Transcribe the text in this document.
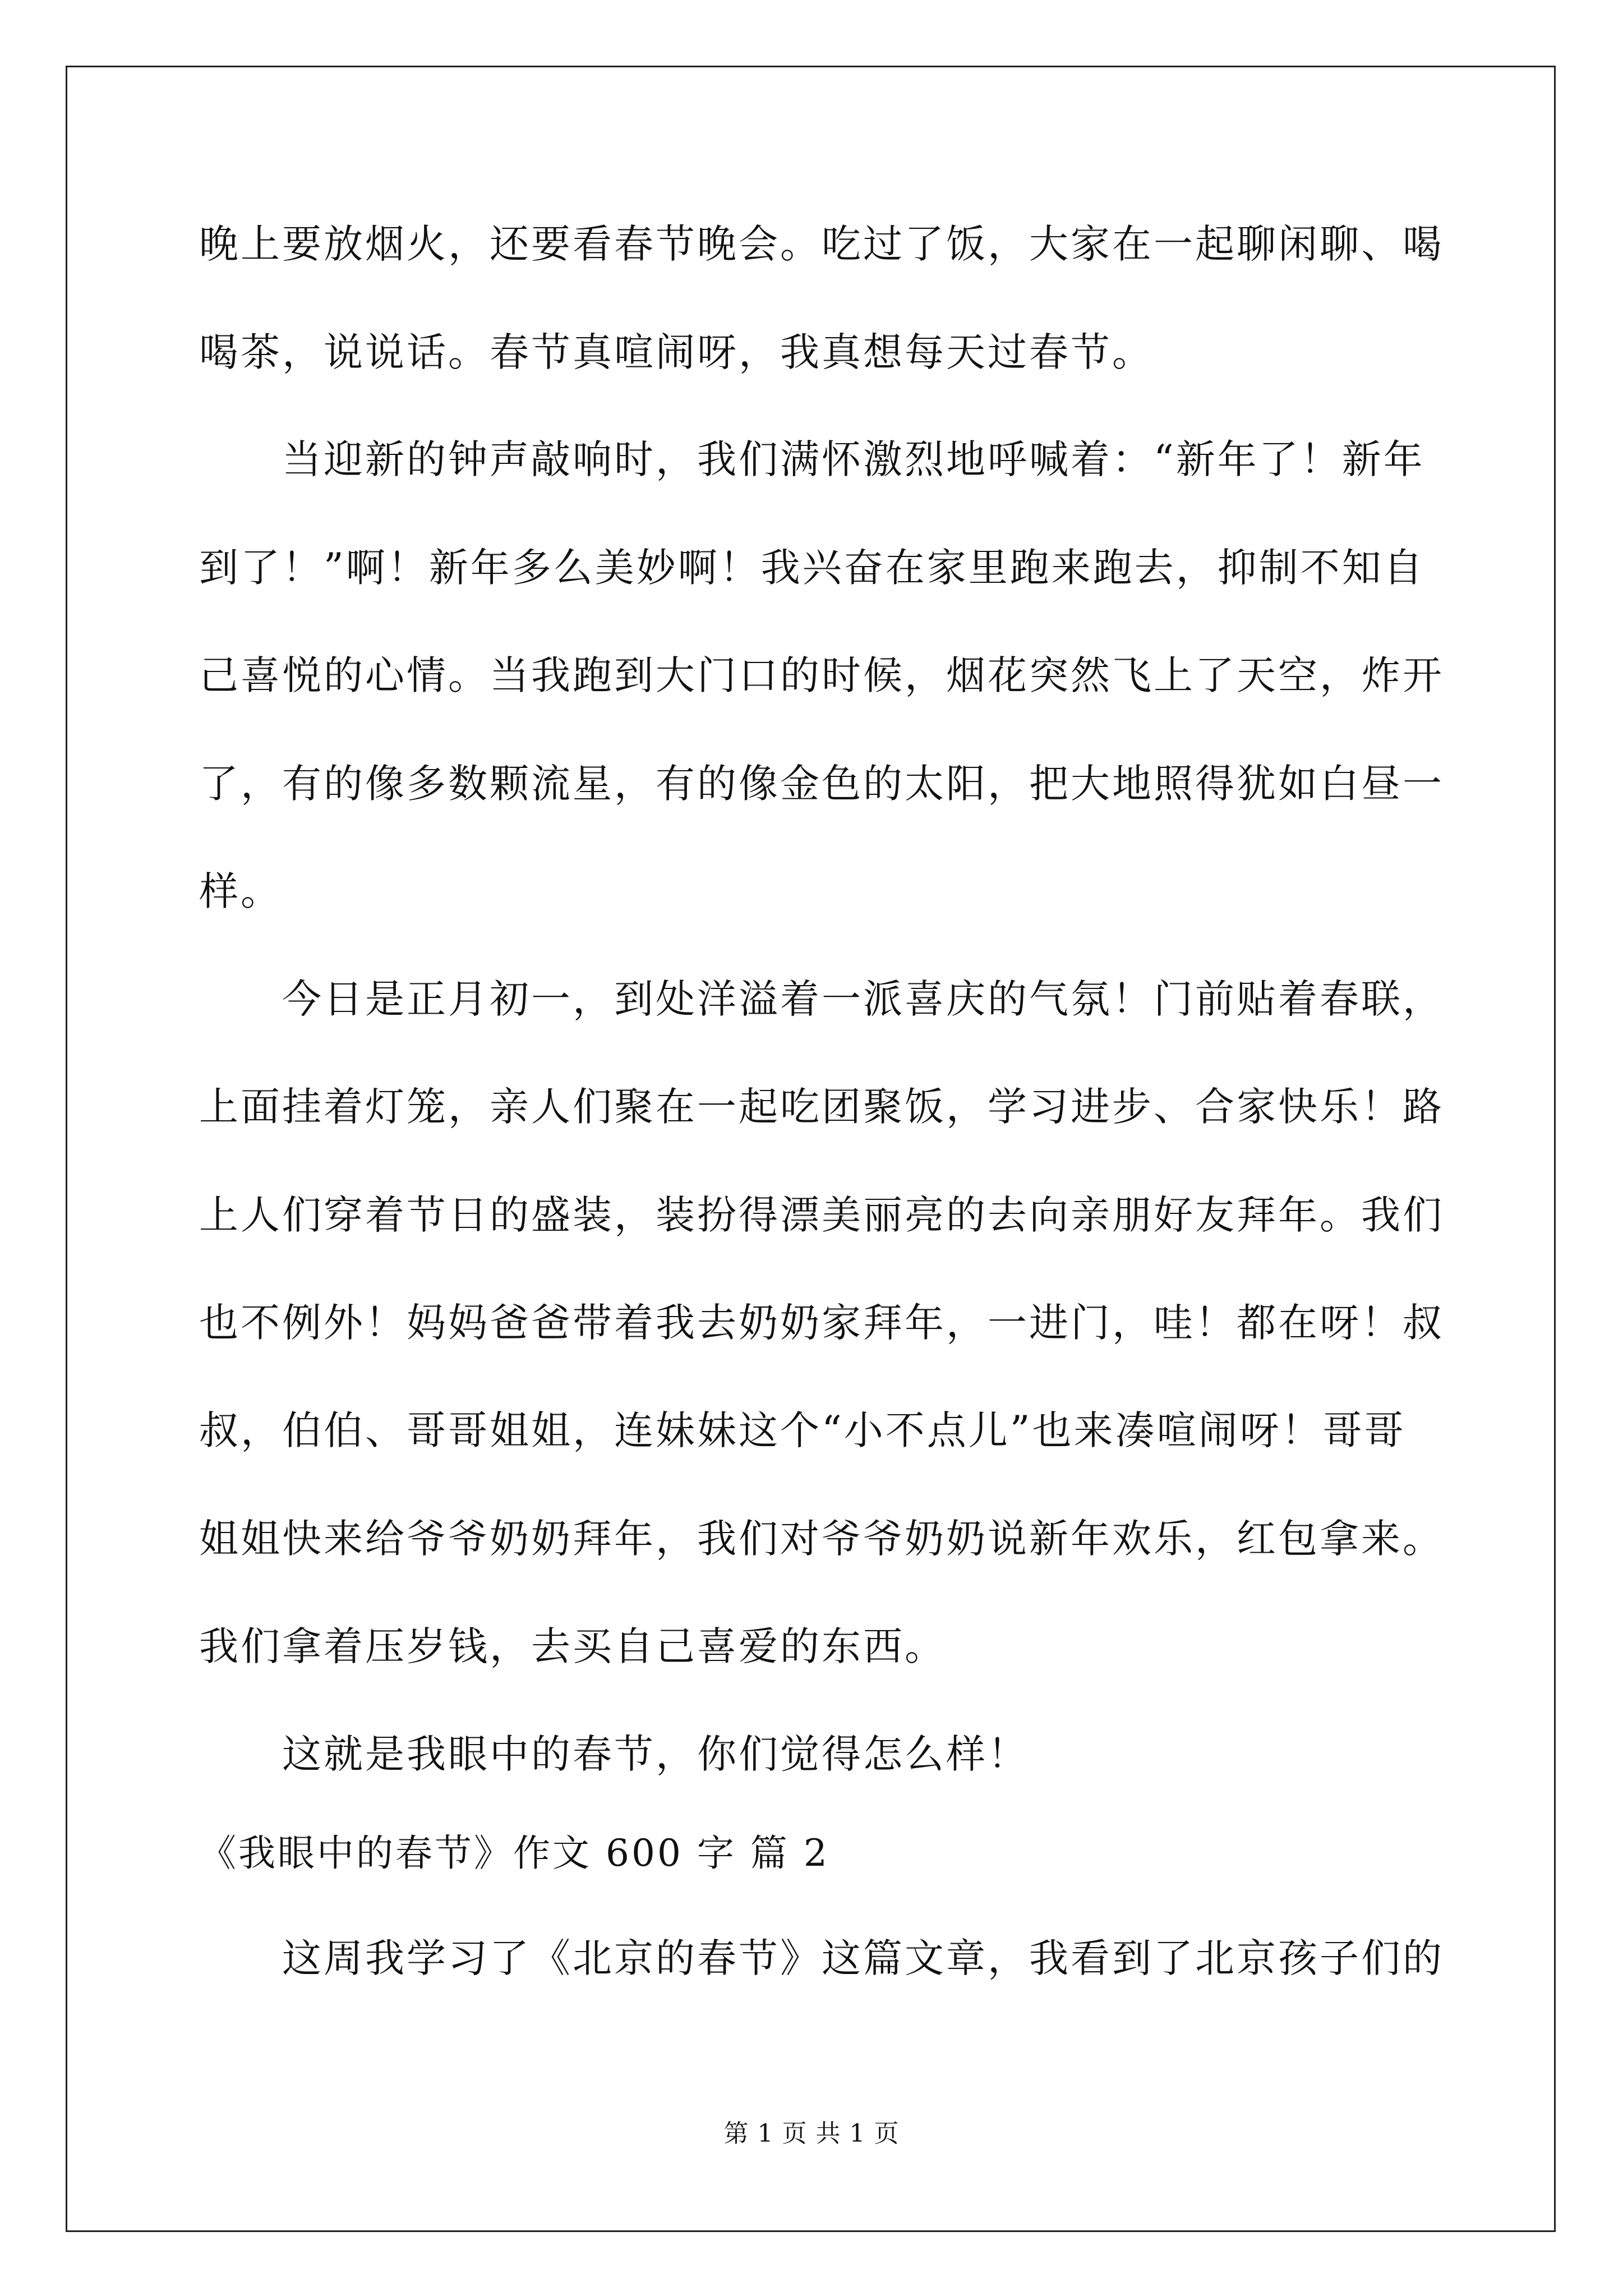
晚上要放烟火，还要看春节晚会。吃过了饭，大家在一起聊闲聊、喝
喝茶，说说话。春节真喧闹呀，我真想每天过春节。
当迎新的钟声敲响时，我们满怀激烈地呼喊着：“新年了！新年
到了！”啊！新年多么美妙啊！我兴奋在家里跑来跑去，抑制不知自
己喜悦的心情。当我跑到大门口的时候，烟花突然飞上了天空，炸开
了，有的像多数颗流星，有的像金色的太阳，把大地照得犹如白昼一
样。
今日是正月初一，到处洋溢着一派喜庆的气氛！门前贴着春联，
上面挂着灯笼，亲人们聚在一起吃团聚饭，学习进步、合家快乐！路
上人们穿着节日的盛装，装扮得漂美丽亮的去向亲朋好友拜年。我们
也不例外！妈妈爸爸带着我去奶奶家拜年，一进门，哇！都在呀！叔
叔，伯伯、哥哥姐姐，连妹妹这个“小不点儿”也来凑喧闹呀！哥哥
姐姐快来给爷爷奶奶拜年，我们对爷爷奶奶说新年欢乐，红包拿来。
我们拿着压岁钱，去买自己喜爱的东西。
这就是我眼中的春节，你们觉得怎么样！
《我眼中的春节》作文 600 字 篇 2
这周我学习了《北京的春节》这篇文章，我看到了北京孩子们的
第 1 页 共 1 页
